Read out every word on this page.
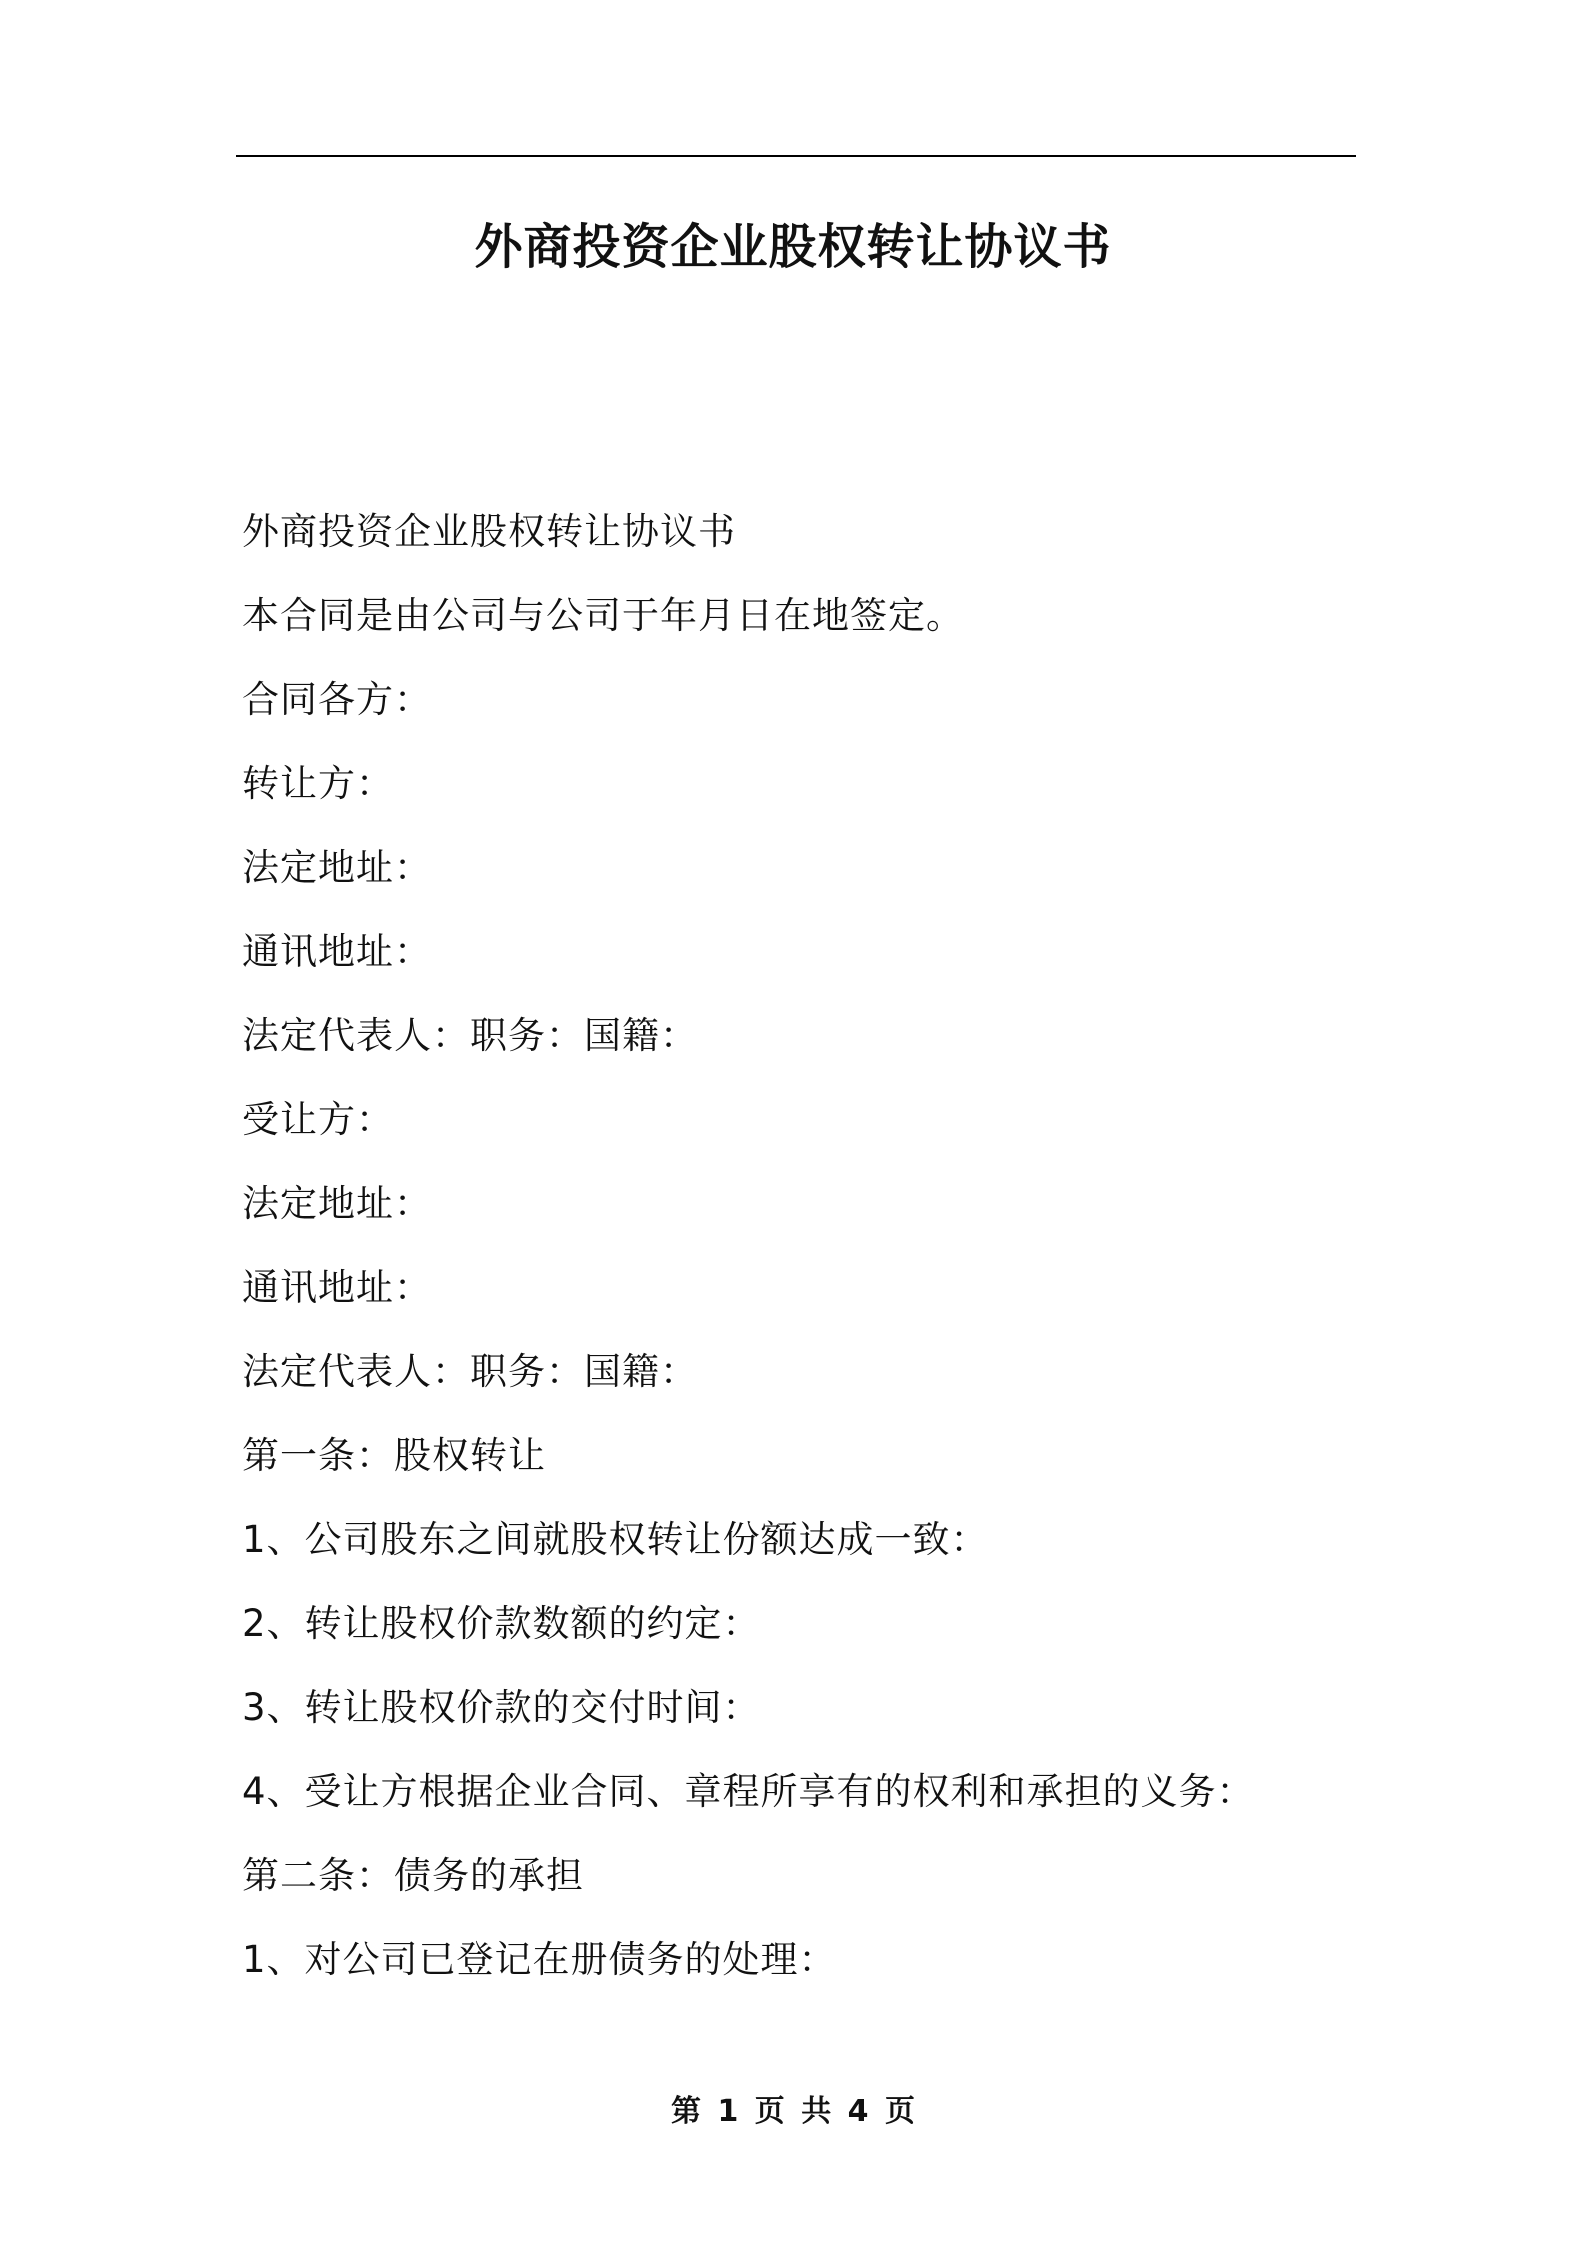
外商投资企业股权转让协议书
外商投资企业股权转让协议书
本合同是由公司与公司于年月日在地签定。
合同各方：
转让方：
法定地址：
通讯地址：
法定代表人：职务：国籍：
受让方：
法定地址：
通讯地址：
法定代表人：职务：国籍：
第一条：股权转让
1、公司股东之间就股权转让份额达成一致：
2、转让股权价款数额的约定：
3、转让股权价款的交付时间：
4、受让方根据企业合同、章程所享有的权利和承担的义务：
第二条：债务的承担
1、对公司已登记在册债务的处理：
第 1 页 共 4 页
